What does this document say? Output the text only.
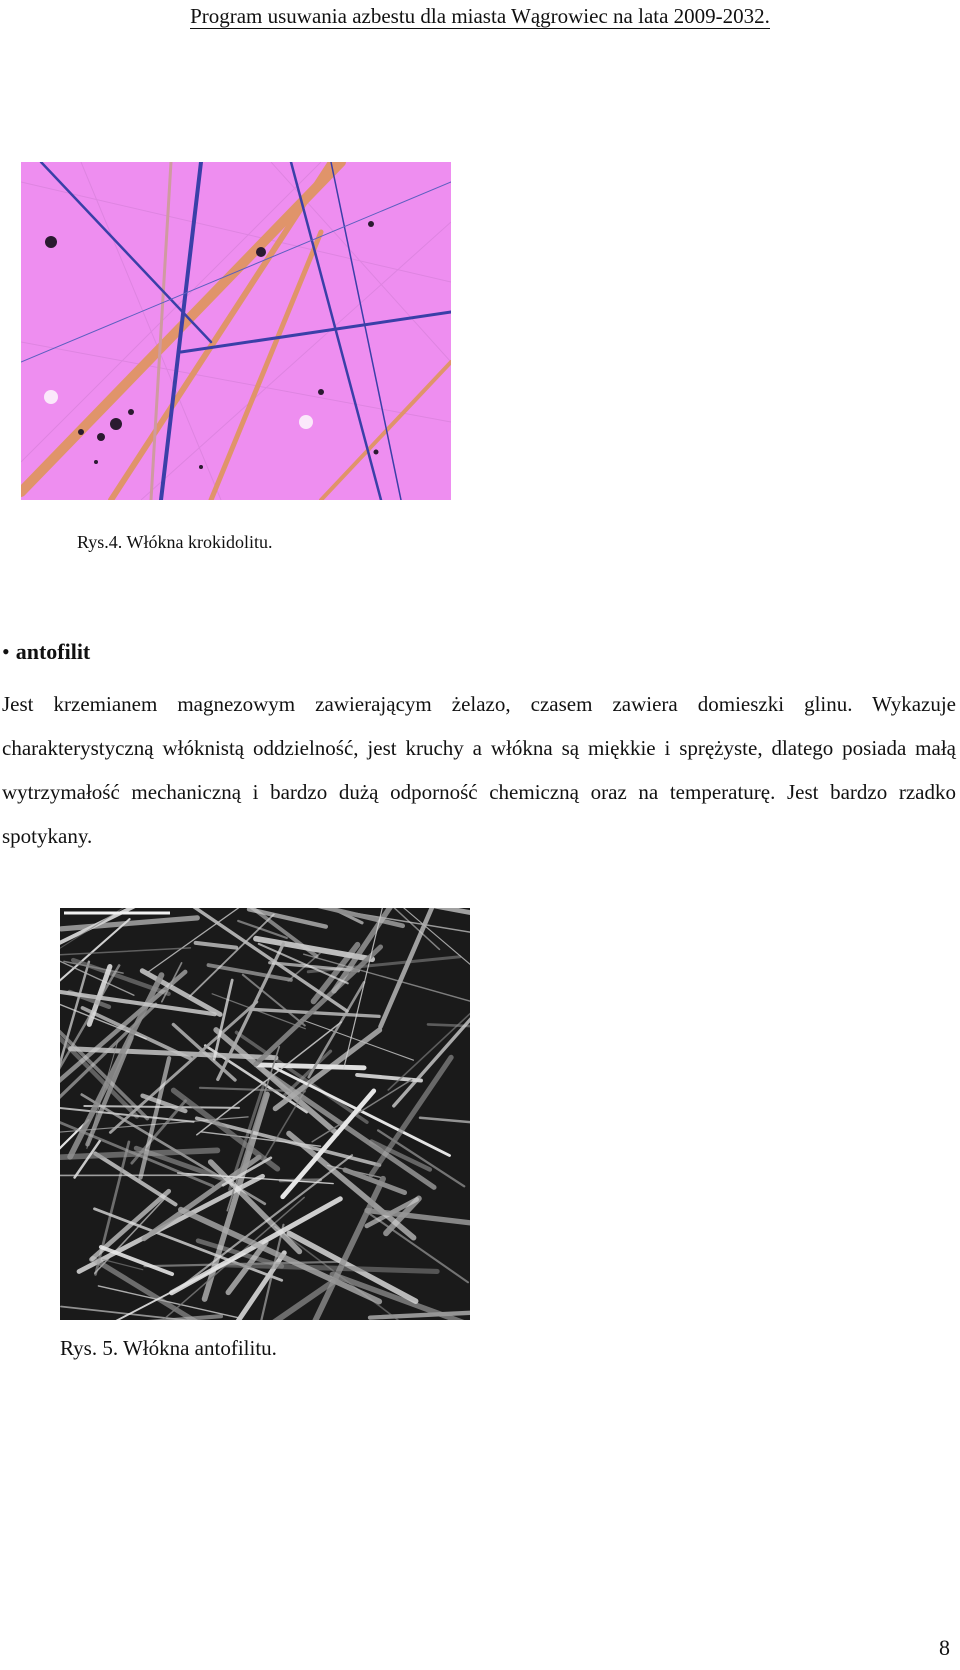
Program usuwania azbestu dla miasta Wągrowiec na lata 2009-2032.
Rys.4. Włókna krokidolitu.
• antofilit

Jest krzemianem magnezowym zawierającym żelazo, czasem zawiera domieszki glinu. Wykazuje charakterystyczną włóknistą oddzielność, jest kruchy a włókna są miękkie i sprężyste, dlatego posiada małą wytrzymałość mechaniczną i bardzo dużą odporność chemiczną oraz na temperaturę. Jest bardzo rzadko spotykany.

Rys. 5. Włókna antofilitu.
8
